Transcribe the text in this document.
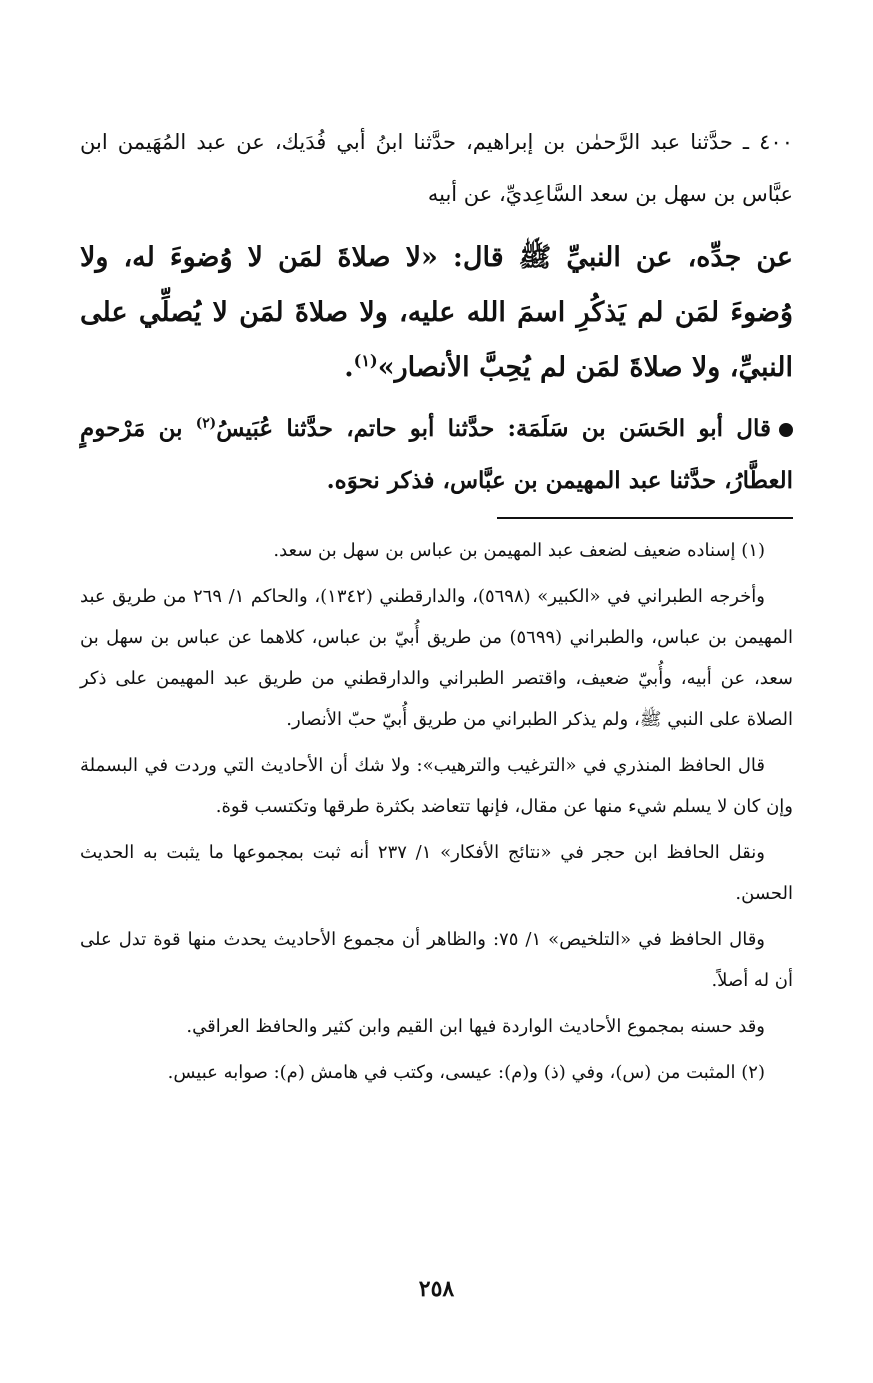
٤٠٠ ـ حدَّثنا عبد الرَّحمٰن بن إبراهيم، حدَّثنا ابنُ أبي فُدَيك، عن عبد المُهَيمن ابن عبَّاس بن سهل بن سعد السَّاعِديِّ، عن أبيه
عن جدِّه، عن النبيِّ ﷺ قال: «لا صلاةَ لمَن لا وُضوءَ له، ولا وُضوءَ لمَن لم يَذكُرِ اسمَ الله عليه، ولا صلاةَ لمَن لا يُصلِّي على النبيِّ، ولا صلاةَ لمَن لم يُحِبَّ الأنصار»$^{(١)}$.
قال أبو الحَسَن بن سَلَمَة: حدَّثنا أبو حاتم، حدَّثنا عُبَيسُ$^{(٢)}$ بن مَرْحومٍ العطَّارُ، حدَّثنا عبد المهيمن بن عبَّاس، فذكر نحوَه.

(١) إسناده ضعيف لضعف عبد المهيمن بن عباس بن سهل بن سعد.

وأخرجه الطبراني في «الكبير» (٥٦٩٨)، والدارقطني (١٣٤٢)، والحاكم ١/ ٢٦٩ من طريق عبد المهيمن بن عباس، والطبراني (٥٦٩٩) من طريق أُبيّ بن عباس، كلاهما عن عباس بن سهل بن سعد، عن أبيه، وأُبيّ ضعيف، واقتصر الطبراني والدارقطني من طريق عبد المهيمن على ذكر الصلاة على النبي ﷺ، ولم يذكر الطبراني من طريق أُبيّ حبّ الأنصار.

قال الحافظ المنذري في «الترغيب والترهيب»: ولا شك أن الأحاديث التي وردت في البسملة وإن كان لا يسلم شيء منها عن مقال، فإنها تتعاضد بكثرة طرقها وتكتسب قوة.

ونقل الحافظ ابن حجر في «نتائج الأفكار» ١/ ٢٣٧ أنه ثبت بمجموعها ما يثبت به الحديث الحسن.

وقال الحافظ في «التلخيص» ١/ ٧٥: والظاهر أن مجموع الأحاديث يحدث منها قوة تدل على أن له أصلاً.

وقد حسنه بمجموع الأحاديث الواردة فيها ابن القيم وابن كثير والحافظ العراقي.

(٢) المثبت من (س)، وفي (ذ) و(م): عيسى، وكتب في هامش (م): صوابه عبيس.

٢٥٨
